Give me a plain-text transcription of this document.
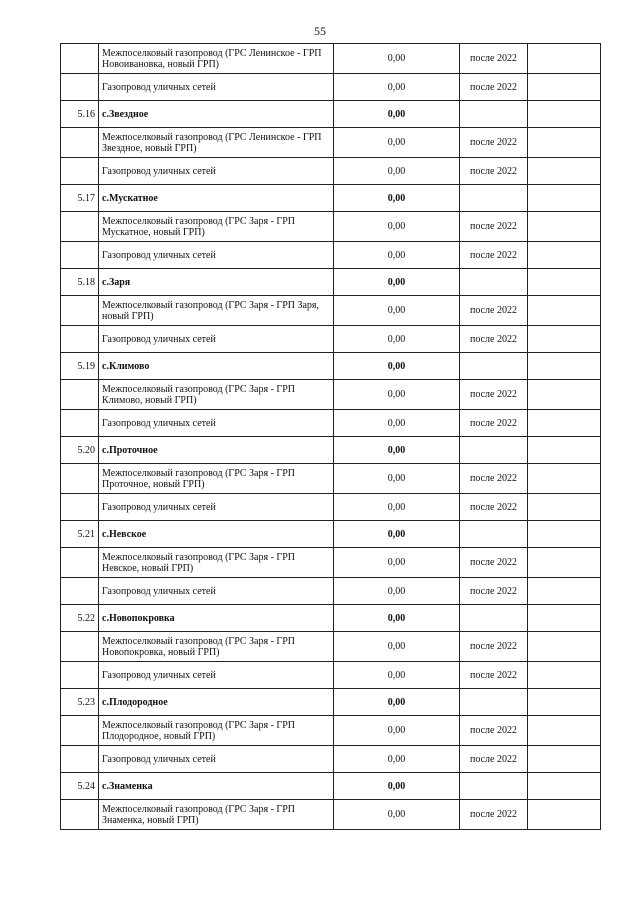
55
	Межпоселковый газопровод (ГРС Ленинское - ГРП Новоивановка, новый ГРП)	0,00	после 2022	
	Газопровод уличных сетей	0,00	после 2022	
5.16	с.Звездное	0,00		
	Межпоселковый газопровод (ГРС Ленинское - ГРП Звездное, новый ГРП)	0,00	после 2022	
	Газопровод уличных сетей	0,00	после 2022	
5.17	с.Мускатное	0,00		
	Межпоселковый газопровод (ГРС Заря - ГРП Мускатное, новый ГРП)	0,00	после 2022	
	Газопровод уличных сетей	0,00	после 2022	
5.18	с.Заря	0,00		
	Межпоселковый газопровод (ГРС Заря - ГРП Заря, новый ГРП)	0,00	после 2022	
	Газопровод уличных сетей	0,00	после 2022	
5.19	с.Климово	0,00		
	Межпоселковый газопровод (ГРС Заря - ГРП Климово, новый ГРП)	0,00	после 2022	
	Газопровод уличных сетей	0,00	после 2022	
5.20	с.Проточное	0,00		
	Межпоселковый газопровод (ГРС Заря - ГРП Проточное, новый ГРП)	0,00	после 2022	
	Газопровод уличных сетей	0,00	после 2022	
5.21	с.Невское	0,00		
	Межпоселковый газопровод (ГРС Заря - ГРП Невское, новый ГРП)	0,00	после 2022	
	Газопровод уличных сетей	0,00	после 2022	
5.22	с.Новопокровка	0,00		
	Межпоселковый газопровод (ГРС Заря - ГРП Новопокровка, новый ГРП)	0,00	после 2022	
	Газопровод уличных сетей	0,00	после 2022	
5.23	с.Плодородное	0,00		
	Межпоселковый газопровод (ГРС Заря - ГРП Плодородное, новый ГРП)	0,00	после 2022	
	Газопровод уличных сетей	0,00	после 2022	
5.24	с.Знаменка	0,00		
	Межпоселковый газопровод (ГРС Заря - ГРП Знаменка, новый ГРП)	0,00	после 2022	
